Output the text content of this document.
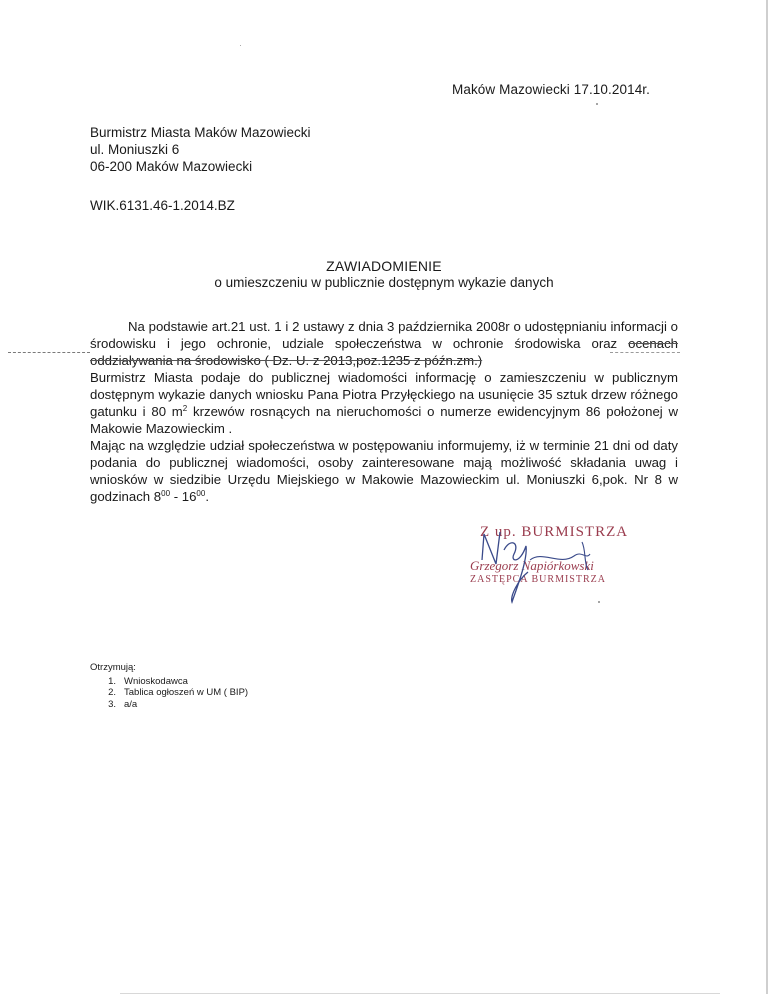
Maków Mazowiecki 17.10.2014r.
Burmistrz Miasta Maków Mazowiecki
ul. Moniuszki 6
06-200 Maków Mazowiecki
WIK.6131.46-1.2014.BZ
ZAWIADOMIENIE
o umieszczeniu w publicznie dostępnym wykazie danych

Na podstawie art.21 ust. 1 i 2 ustawy z dnia 3 października 2008r o udostępnianiu informacji o środowisku i jego ochronie, udziale społeczeństwa w ochronie środowiska oraz ocenach oddziaływania na środowisko ( Dz. U. z 2013,poz.1235 z późn.zm.)

Burmistrz Miasta podaje do publicznej wiadomości informację o zamieszczeniu w publicznym dostępnym wykazie danych wniosku Pana Piotra Przyłęckiego na usunięcie 35 sztuk drzew różnego gatunku i 80 $m^2$ krzewów rosnących na nieruchomości o numerze ewidencyjnym 86 położonej w Makowie Mazowieckim .

Mając na względzie udział społeczeństwa w postępowaniu informujemy, iż w terminie 21 dni od daty podania do publicznej wiadomości, osoby zainteresowane mają możliwość składania uwag i wniosków w siedzibie Urzędu Miejskiego w Makowie Mazowieckim ul. Moniuszki 6,pok. Nr 8 w godzinach $8^{00} - 16^{00}$.

Z up. BURMISTRZA
Grzegorz Napiórkowski
ZASTĘPCA BURMISTRZA
Otrzymują:
1. Wnioskodawca
2. Tablica ogłoszeń w UM ( BIP)
3. a/a
